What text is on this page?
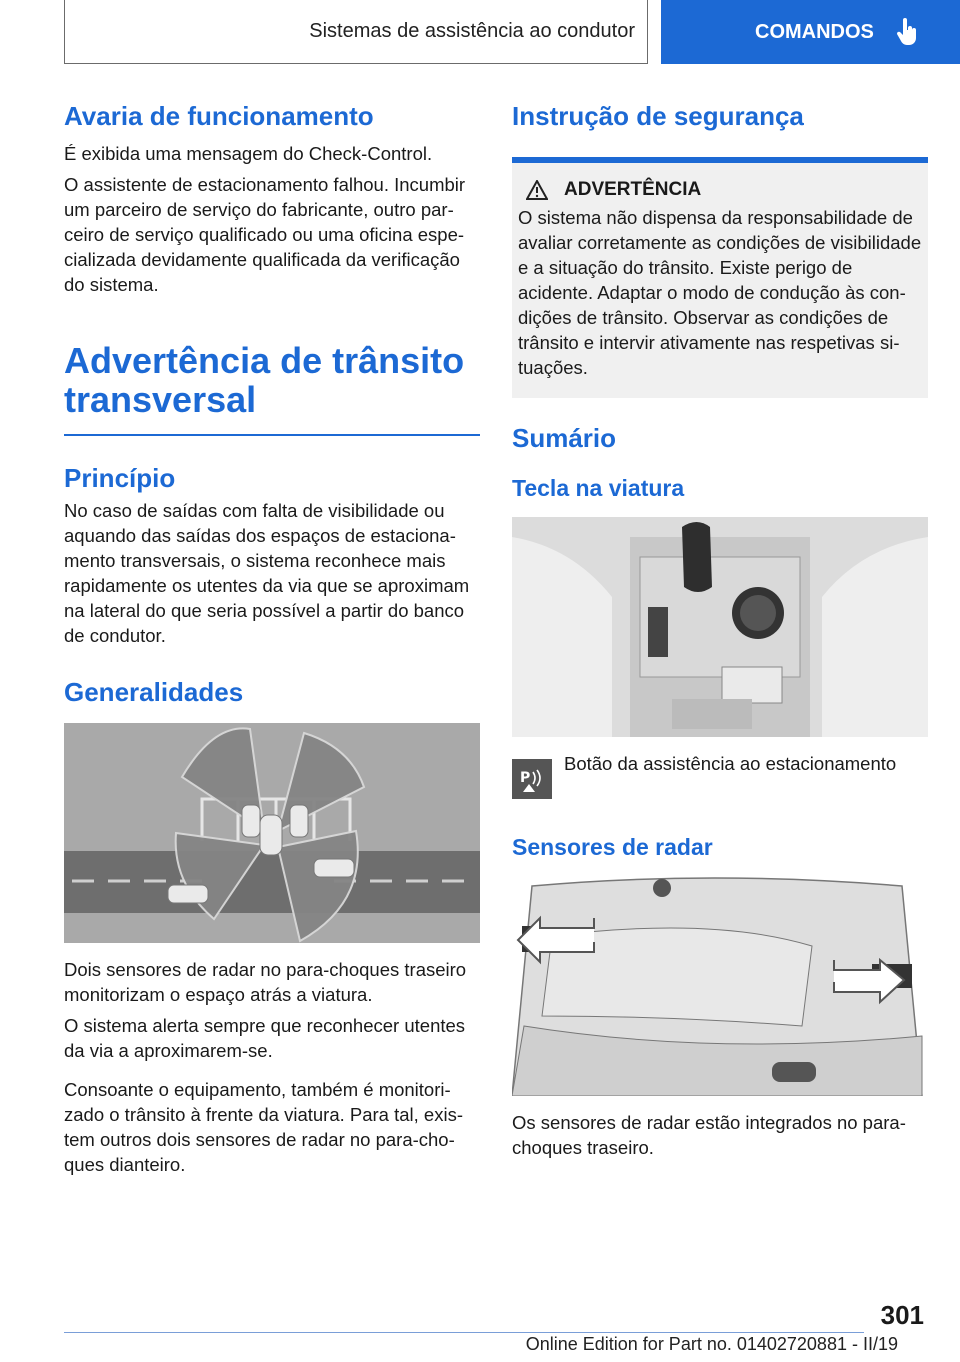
Sistemas de assistência ao condutor	COMANDOS
Avaria de funcionamento

É exibida uma mensagem do Check-Control.

O assistente de estacionamento falhou. Incumbir um parceiro de serviço do fabricante, outro parceiro de serviço qualificado ou uma oficina especializada devidamente qualificada da verificação do sistema.

Advertência de trânsito transversal
Princípio

No caso de saídas com falta de visibilidade ou aquando das saídas dos espaços de estacionamento transversais, o sistema reconhece mais rapidamente os utentes da via que se aproximam na lateral do que seria possível a partir do banco de condutor.

Generalidades

Dois sensores de radar no para-choques traseiro monitorizam o espaço atrás a viatura.

O sistema alerta sempre que reconhecer utentes da via a aproximarem-se.

Consoante o equipamento, também é monitorizado o trânsito à frente da viatura. Para tal, existem outros dois sensores de radar no para-choques dianteiro.

Instrução de segurança
ADVERTÊNCIA

O sistema não dispensa da responsabilidade de avaliar corretamente as condições de visibilidade e a situação do trânsito. Existe perigo de acidente. Adaptar o modo de condução às condições de trânsito. Observar as condições de trânsito e intervir ativamente nas respetivas situações.

Sumário
Tecla na viatura
P

Botão da assistência ao estacionamento

Sensores de radar

Os sensores de radar estão integrados no para-choques traseiro.

301
Online Edition for Part no. 01402720881 - II/19
